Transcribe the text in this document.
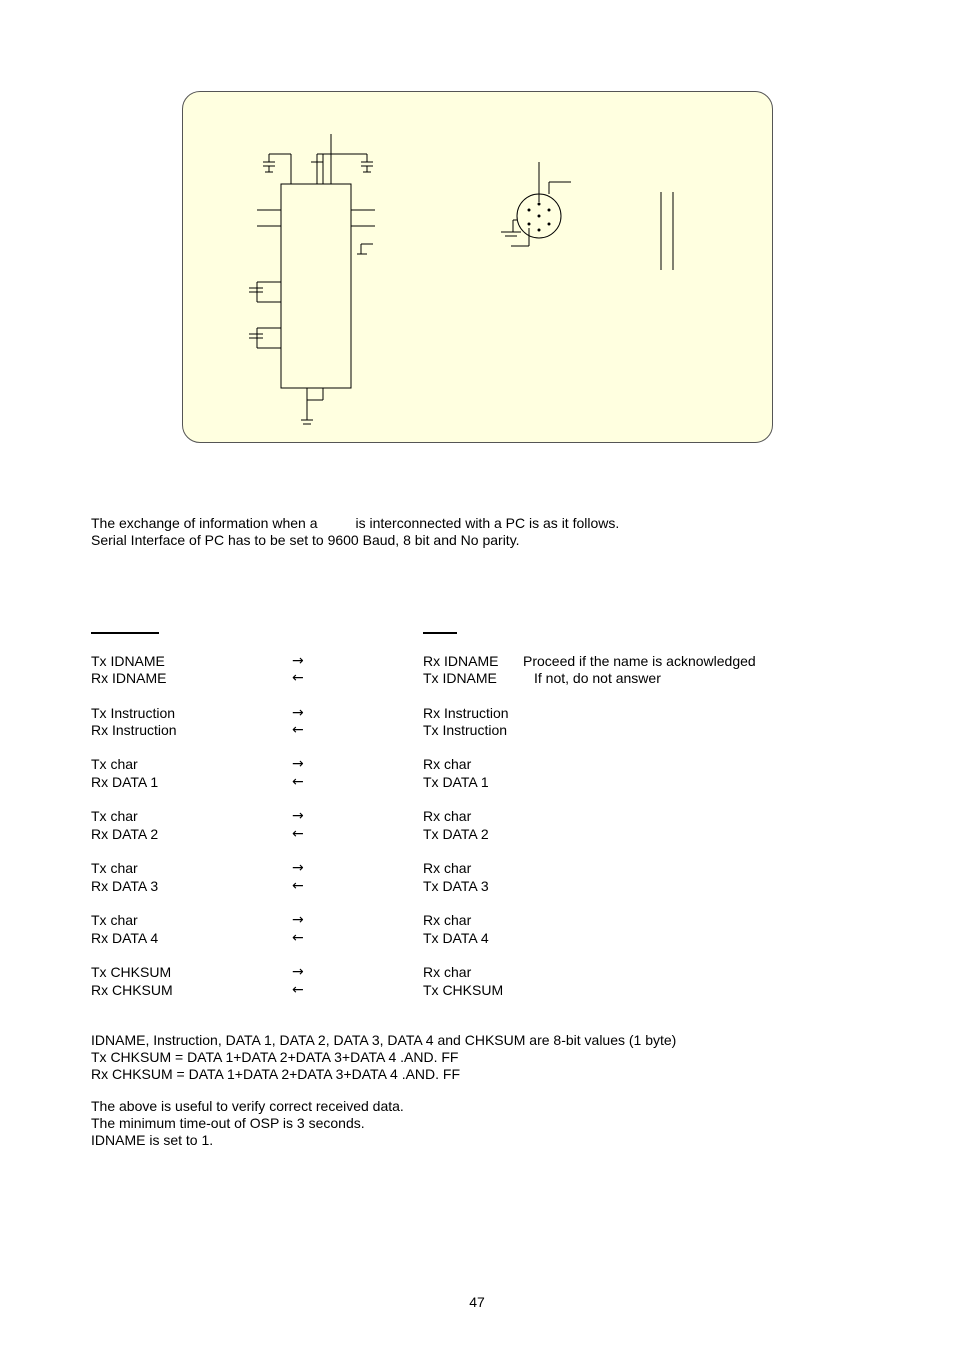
The exchange of information when a	is interconnected with a PC is as it follows.
Serial Interface of PC has to be set to 9600 Baud, 8 bit and No parity.
Tx IDNAME	→	Rx IDNAME Proceed if the name is acknowledged
Rx IDNAME	←	Tx IDNAME	If not, do not answer
Tx Instruction	→	Rx Instruction
Rx Instruction	←	Tx Instruction
Tx char	→	Rx char
Rx DATA 1	←	Tx DATA 1
Tx char	→	Rx char
Rx DATA 2	←	Tx DATA 2
Tx char	→	Rx char
Rx DATA 3	←	Tx DATA 3
Tx char	→	Rx char
Rx DATA 4	←	Tx DATA 4
Tx CHKSUM	→	Rx char
Rx CHKSUM	←	Tx CHKSUM
IDNAME, Instruction, DATA 1, DATA 2, DATA 3, DATA 4 and CHKSUM are 8-bit values (1 byte)
Tx CHKSUM = DATA 1+DATA 2+DATA 3+DATA 4 .AND. FF
Rx CHKSUM = DATA 1+DATA 2+DATA 3+DATA 4 .AND. FF
The above is useful to verify correct received data.
The minimum time-out of OSP is 3 seconds.
IDNAME is set to 1.
47
